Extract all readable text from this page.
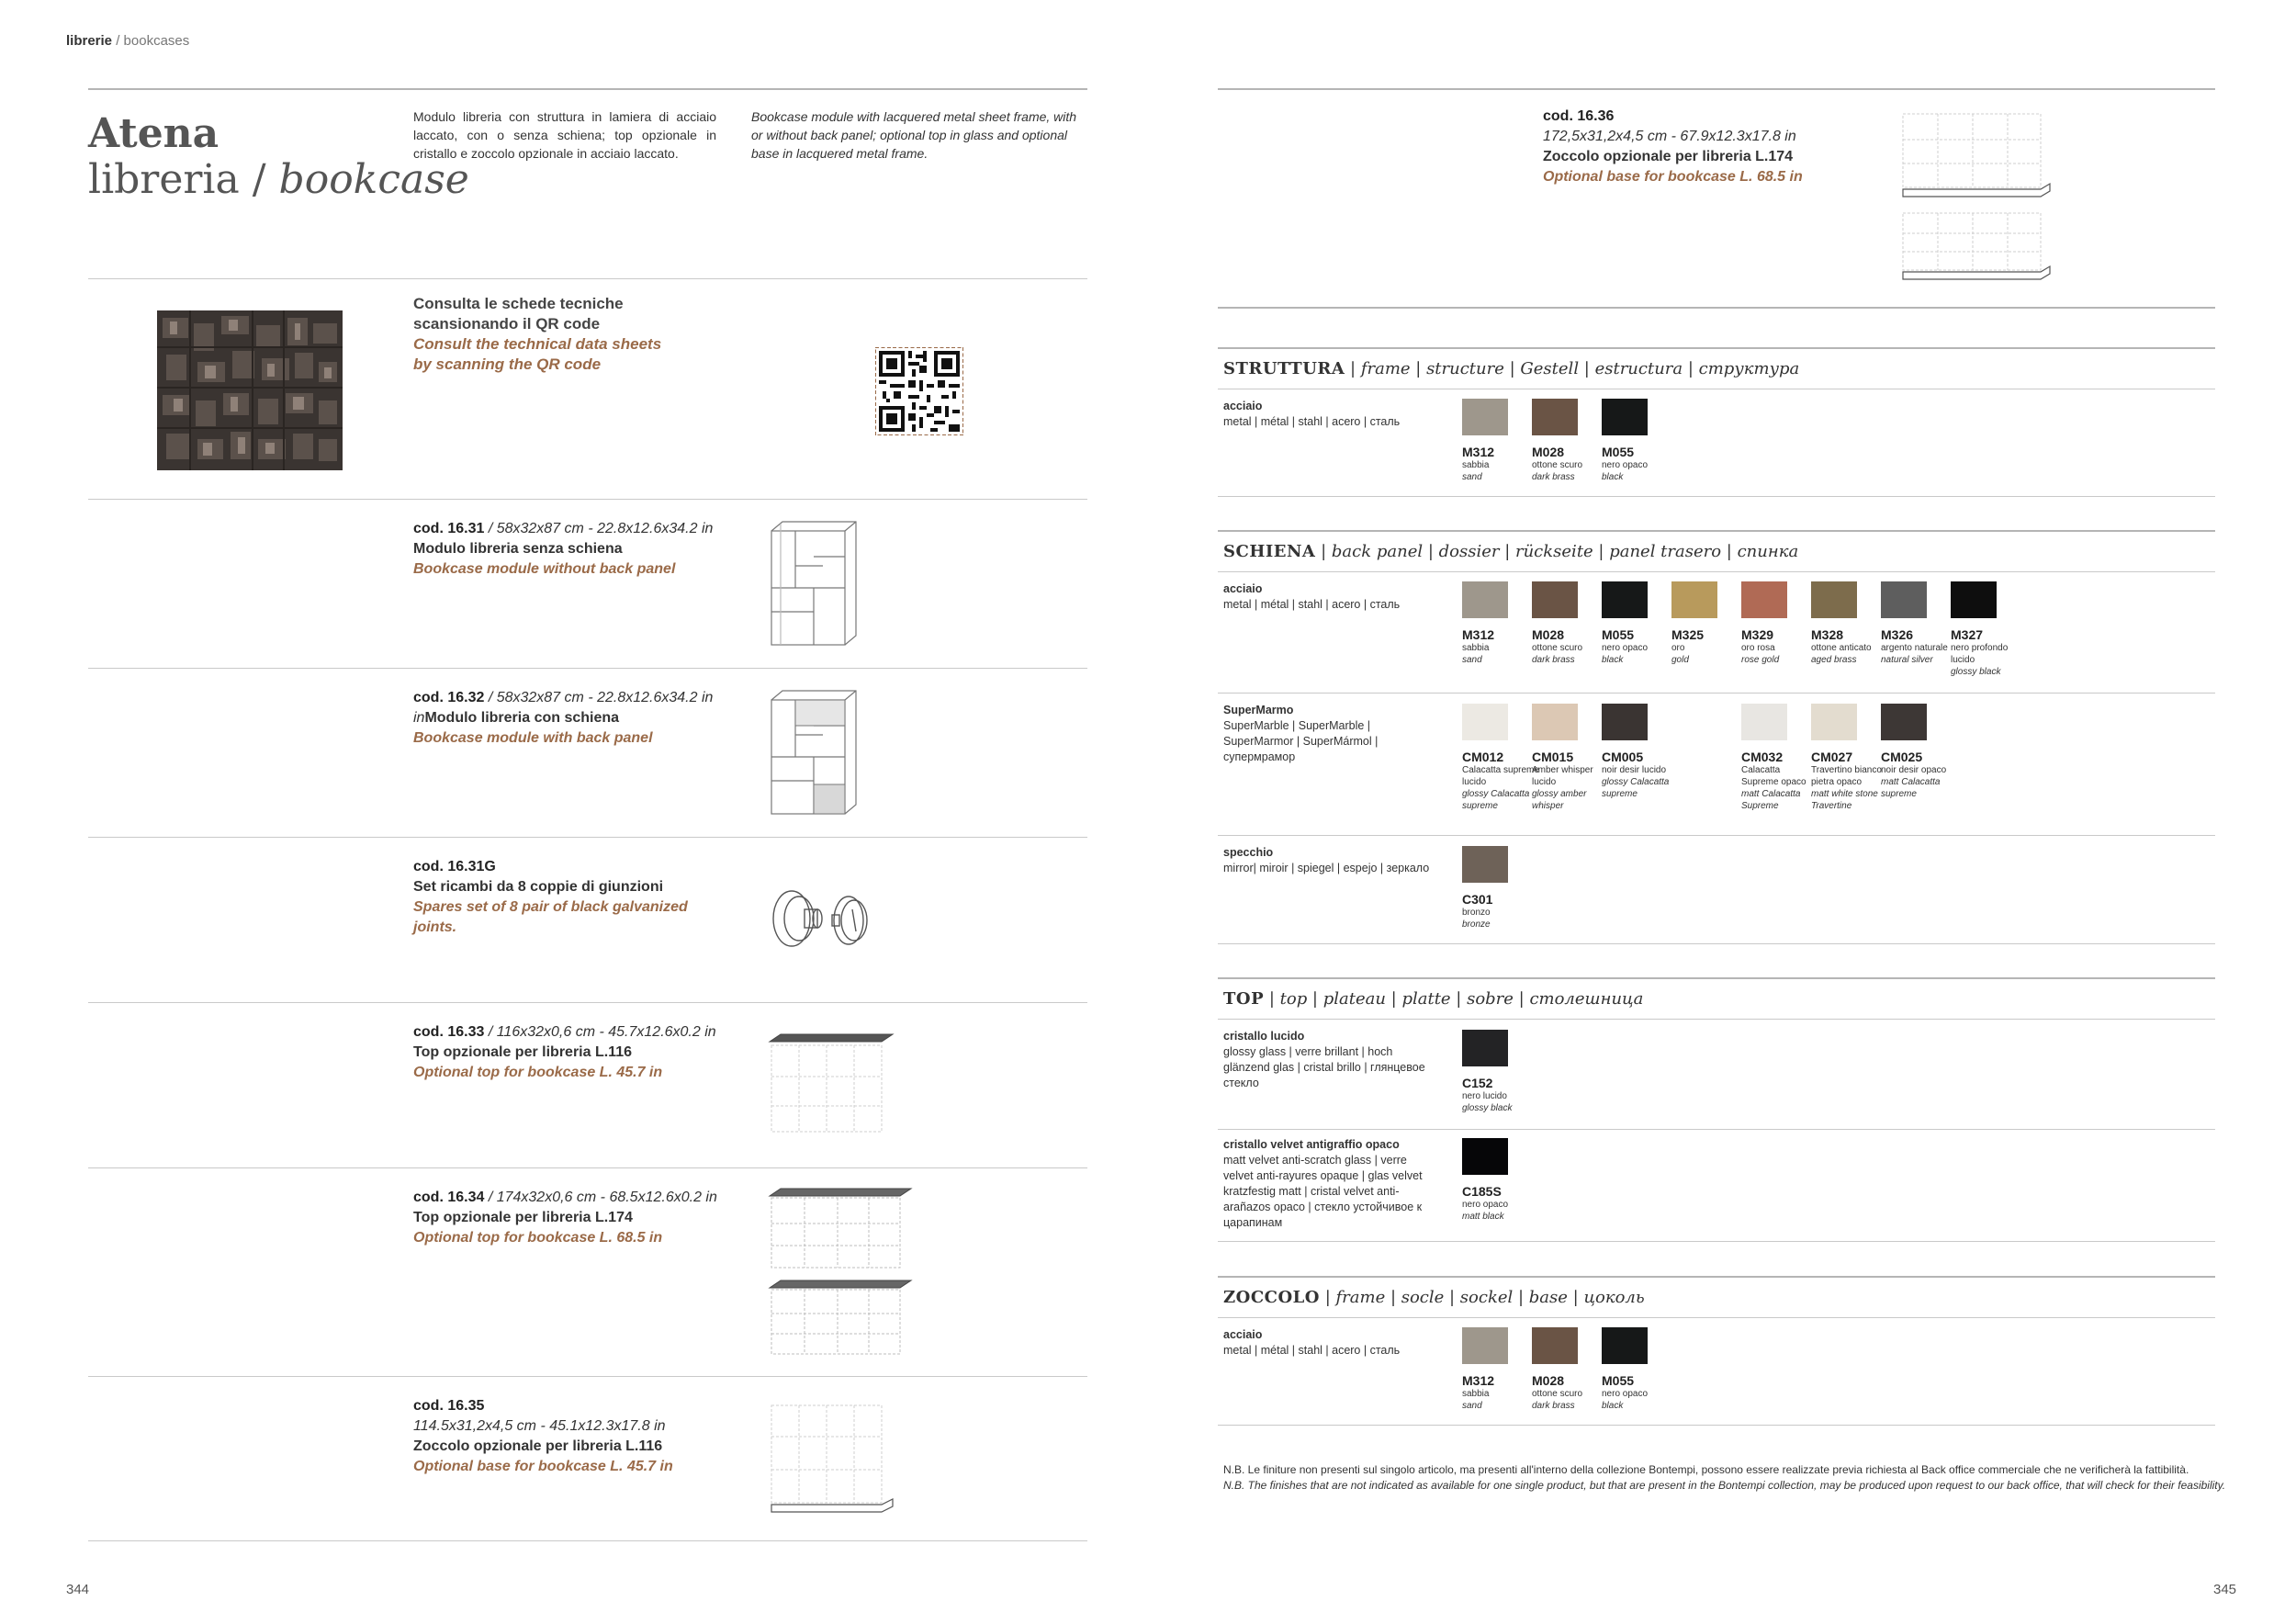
librerie / bookcases
Atena
libreria / bookcase
Modulo libreria con struttura in lamiera di acciaio laccato, con o senza schiena; top opzionale in cristallo e zoccolo opzionale in acciaio laccato.
Bookcase module with lacquered metal sheet frame, with or without back panel; optional top in glass and optional base in lacquered metal frame.
Consulta le schede tecniche
scansionando il QR code
Consult the technical data sheets
by scanning the QR code
cod. 16.31 / 58x32x87 cm - 22.8x12.6x34.2 in
Modulo libreria senza schiena
Bookcase module without back panel
cod. 16.32 / 58x32x87 cm - 22.8x12.6x34.2 in
inModulo libreria con schiena
Bookcase module with back panel
cod. 16.31G
Set ricambi da 8 coppie di giunzioni
Spares set of 8 pair of black galvanized
joints.
cod. 16.33 / 116x32x0,6 cm - 45.7x12.6x0.2 in
Top opzionale per libreria L.116
Optional top for bookcase L. 45.7 in
cod. 16.34 / 174x32x0,6 cm - 68.5x12.6x0.2 in
Top opzionale per libreria L.174
Optional top for bookcase L. 68.5 in
cod. 16.35
114.5x31,2x4,5 cm - 45.1x12.3x17.8 in
Zoccolo opzionale per libreria L.116
Optional base for bookcase L. 45.7 in
344
cod. 16.36
172,5x31,2x4,5 cm - 67.9x12.3x17.8 in
Zoccolo opzionale per libreria L.174
Optional base for bookcase L. 68.5 in
STRUTTURA | frame | structure | Gestell | estructura | структура
acciaio
metal | métal | stahl | acero | сталь
SCHIENA | back panel | dossier | rückseite | panel trasero | спинка
acciaio
metal | métal | stahl | acero | сталь
SuperMarmo
SuperMarble | SuperMarble | SuperMarmor | SuperMármol | супермрамор
specchio
mirror| miroir | spiegel | espejo | зеркало
TOP | top | plateau | platte | sobre | столешница
cristallo lucido
glossy glass | verre brillant | hoch glänzend glas | cristal brillo | глянцевое стекло
cristallo velvet antigraffio opaco
matt velvet anti-scratch glass | verre velvet anti-rayures opaque | glas velvet kratzfestig matt | cristal velvet anti-arañazos opaco | стекло устойчивое к царапинам
ZOCCOLO | frame | socle | sockel | base | цоколь
acciaio
metal | métal | stahl | acero | сталь
N.B. Le finiture non presenti sul singolo articolo, ma presenti all'interno della collezione Bontempi, possono essere realizzate previa richiesta al Back office commerciale che ne verificherà la fattibilità.
N.B. The finishes that are not indicated as available for one single product, but that are present in the Bontempi collection, may be produced upon request to our back office, that will check for their feasibility.
345
M312
sabbia
sand
M028
ottone scuro
dark brass
M055
nero opaco
black
M312
sabbia
sand
M028
ottone scuro
dark brass
M055
nero opaco
black
M325
oro
gold
M329
oro rosa
rose gold
M328
ottone anticato
aged brass
M326
argento naturale
natural silver
M327
nero profondo lucido
glossy black
CM012
Calacatta supreme lucido
glossy Calacatta supreme
CM015
Amber whisper lucido
glossy amber whisper
CM005
noir desir lucido
glossy Calacatta supreme
CM032
Calacatta Supreme opaco
matt Calacatta Supreme
CM027
Travertino bianco pietra opaco
matt white stone Travertine
CM025
noir desir opaco
matt Calacatta supreme
C301
bronzo
bronze
C152
nero lucido
glossy black
C185S
nero opaco
matt black
M312
sabbia
sand
M028
ottone scuro
dark brass
M055
nero opaco
black
